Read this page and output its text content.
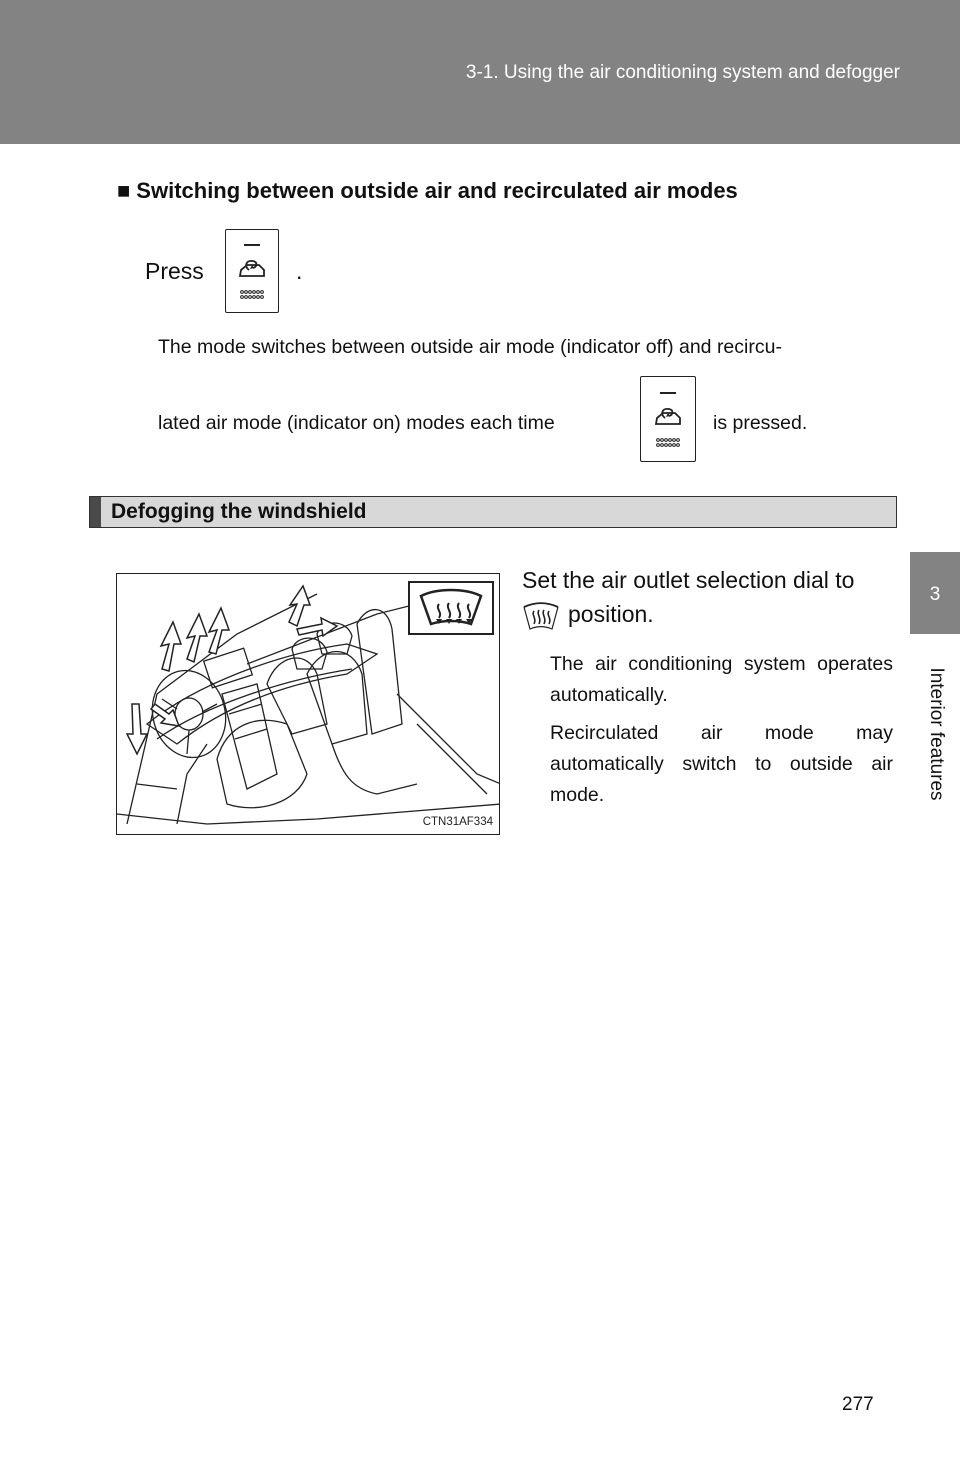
3-1. Using the air conditioning system and defogger
3
Interior features
■ Switching between outside air and recirculated air modes
Press	.
The mode switches between outside air mode (indicator off) and recircu-
lated air mode (indicator on) modes each time	is pressed.
Defogging the windshield
CTN31AF334
Set the air outlet selection dial to
position.
The air conditioning system operates automatically.
Recirculated air mode may automatically switch to outside air mode.
277
